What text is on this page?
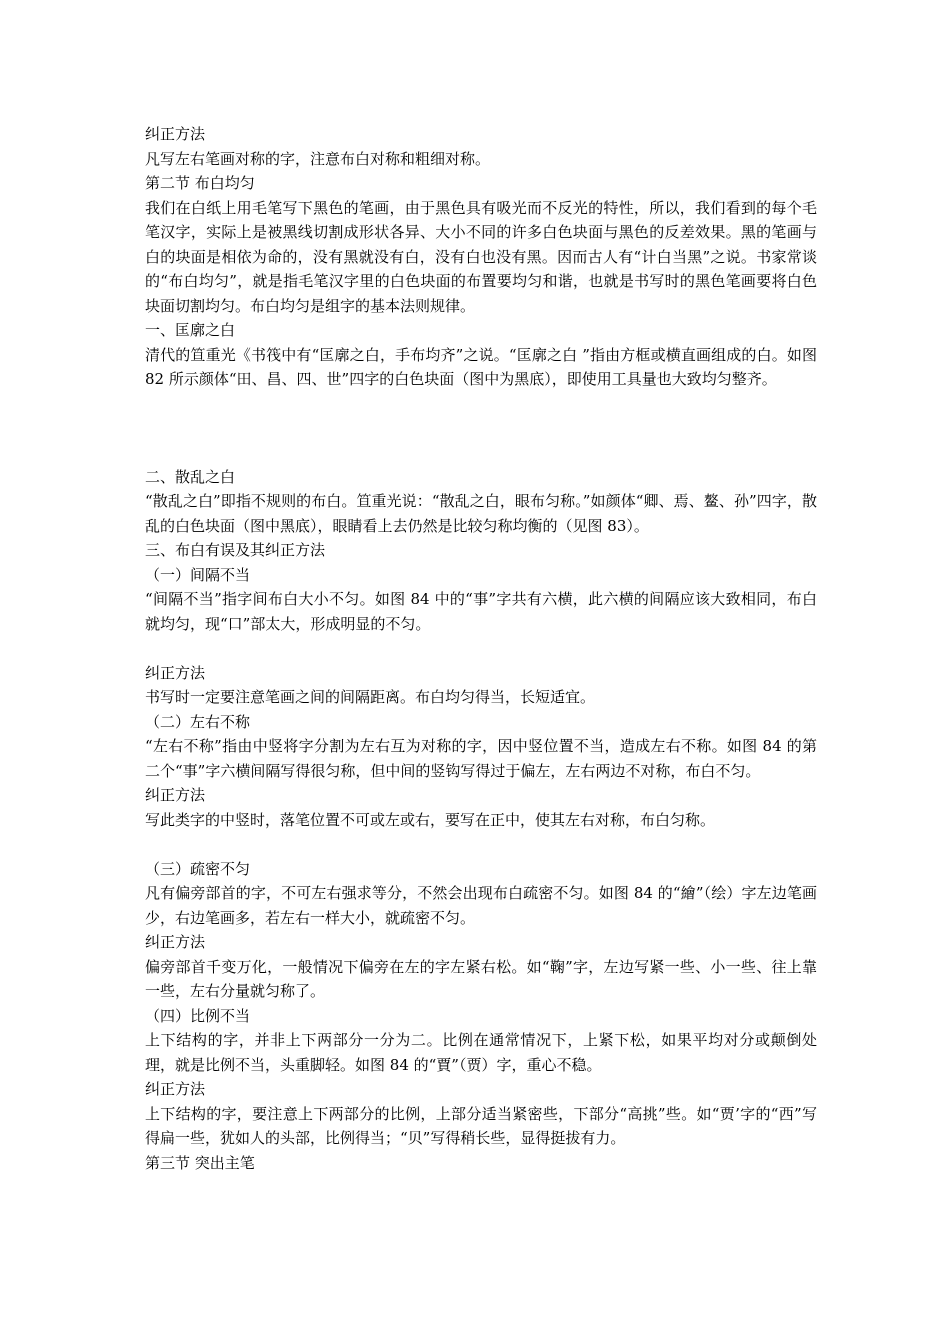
纠正方法

凡写左右笔画对称的字，注意布白对称和粗细对称。

第二节 布白均匀

我们在白纸上用毛笔写下黑色的笔画，由于黑色具有吸光而不反光的特性，所以，我们看到的每个毛笔汉字，实际上是被黑线切割成形状各异、大小不同的许多白色块面与黑色的反差效果。黑的笔画与白的块面是相依为命的，没有黑就没有白，没有白也没有黑。因而古人有“计白当黑”之说。书家常谈的“布白均匀”，就是指毛笔汉字里的白色块面的布置要均匀和谐，也就是书写时的黑色笔画要将白色块面切割均匀。布白均匀是组字的基本法则规律。

一、匡廓之白

清代的笪重光《书筏中有“匡廓之白，手布均齐”之说。“匡廓之白 ”指由方框或横直画组成的白。如图 82 所示颜体“田、昌、四、世”四字的白色块面（图中为黑底），即使用工具量也大致均匀整齐。

二、散乱之白

“散乱之白”即指不规则的布白。笪重光说：“散乱之白，眼布匀称。”如颜体“卿、焉、鳌、孙”四字，散乱的白色块面（图中黑底），眼睛看上去仍然是比较匀称均衡的（见图 83）。

三、布白有误及其纠正方法

（一）间隔不当

“间隔不当”指字间布白大小不匀。如图 84 中的“事”字共有六横，此六横的间隔应该大致相同，布白就均匀，现“口”部太大，形成明显的不匀。

纠正方法

书写时一定要注意笔画之间的间隔距离。布白均匀得当，长短适宜。

（二）左右不称

“左右不称”指由中竖将字分割为左右互为对称的字，因中竖位置不当，造成左右不称。如图 84 的第二个“事”字六横间隔写得很匀称，但中间的竖钩写得过于偏左，左右两边不对称，布白不匀。

纠正方法

写此类字的中竖时，落笔位置不可或左或右，要写在正中，使其左右对称，布白匀称。

（三）疏密不匀

凡有偏旁部首的字，不可左右强求等分，不然会出现布白疏密不匀。如图 84 的“繪”（绘）字左边笔画少，右边笔画多，若左右一样大小，就疏密不匀。

纠正方法

偏旁部首千变万化，一般情况下偏旁在左的字左紧右松。如“鞠”字，左边写紧一些、小一些、往上靠一些，左右分量就匀称了。

（四）比例不当

上下结构的字，并非上下两部分一分为二。比例在通常情况下，上紧下松，如果平均对分或颠倒处理，就是比例不当，头重脚轻。如图 84 的“賈”（贾）字，重心不稳。

纠正方法

上下结构的字，要注意上下两部分的比例，上部分适当紧密些，下部分“高挑”些。如“贾’字的“西”写得扁一些，犹如人的头部，比例得当；“贝”写得稍长些，显得挺拔有力。

第三节 突出主笔
